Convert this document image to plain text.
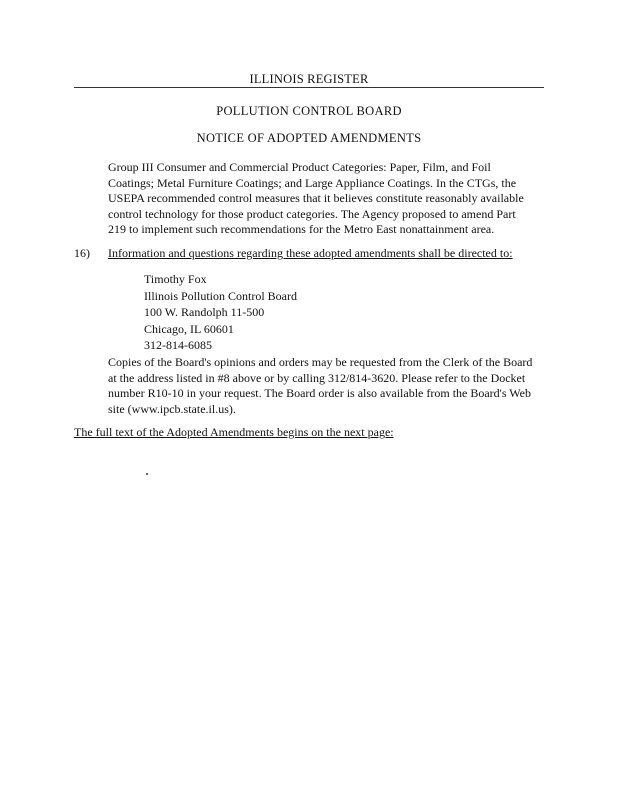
ILLINOIS REGISTER
POLLUTION CONTROL BOARD
NOTICE OF ADOPTED AMENDMENTS
Group III Consumer and Commercial Product Categories: Paper, Film, and Foil
Coatings; Metal Furniture Coatings; and Large Appliance Coatings. In the CTGs, the
USEPA recommended control measures that it believes constitute reasonably available
control technology for those product categories. The Agency proposed to amend Part
219 to implement such recommendations for the Metro East nonattainment area.
16) Information and questions regarding these adopted amendments shall be directed to:
Timothy Fox
Illinois Pollution Control Board
100 W. Randolph 11-500
Chicago, IL 60601
312-814-6085
Copies of the Board's opinions and orders may be requested from the Clerk of the Board
at the address listed in #8 above or by calling 312/814-3620. Please refer to the Docket
number R10-10 in your request. The Board order is also available from the Board's Web
site (www.ipcb.state.il.us).
The full text of the Adopted Amendments begins on the next page:
